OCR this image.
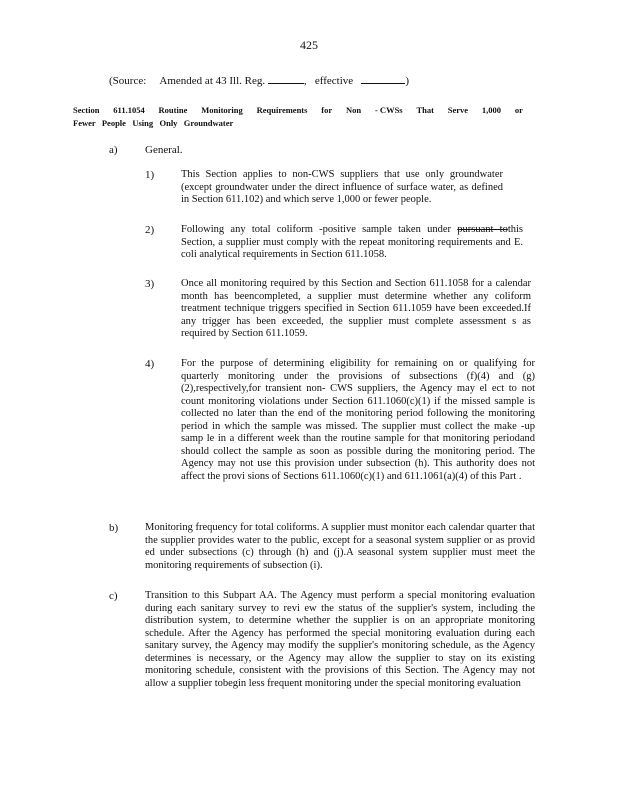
425
(Source: Amended at 43 Ill. Reg.	,   effective	)
Section 611.1054 Routine Monitoring Requirements for Non - CWSs That Serve 1,000 or
Fewer   People   Using   Only   Groundwater
a) General.
1)	This Section applies to non-CWS suppliers that use only groundwater (except groundwater under the direct influence of surface water, as defined in Section 611.102) and which serve 1,000 or fewer people.
2)	Following any total coliform -positive sample taken under pursuant tothis Section, a supplier must comply with the repeat monitoring requirements and E. coli analytical requirements in Section 611.1058.
3)	Once all monitoring required by this Section and Section 611.1058 for a calendar month has beencompleted, a supplier must determine whether any coliform treatment technique triggers specified in Section 611.1059 have been exceeded.If any trigger has been exceeded, the supplier must complete assessment s as required by Section 611.1059.
4)	For the purpose of determining eligibility for remaining on or qualifying for quarterly monitoring under the provisions of subsections (f)(4) and (g)(2),respectively,for transient non- CWS suppliers, the Agency may el ect to not count monitoring violations under Section 611.1060(c)(1) if the missed sample is collected no later than the end of the monitoring period following the monitoring period in which the sample was missed. The supplier must collect the make -up samp le in a different week than the routine sample for that monitoring periodand should collect the sample as soon as possible during the monitoring period. The Agency may not use this provision under subsection (h). This authority does not affect the provi sions of Sections 611.1060(c)(1) and 611.1061(a)(4) of this Part .
b)	Monitoring frequency for total coliforms. A supplier must monitor each calendar quarter that the supplier provides water to the public, except for a seasonal system supplier or as provid ed under subsections (c) through (h) and (j).A seasonal system supplier must meet the monitoring requirements of subsection (i).
c)	Transition to this Subpart AA. The Agency must perform a special monitoring evaluation during each sanitary survey to revi ew the status of the supplier's system, including the distribution system, to determine whether the supplier is on an appropriate monitoring schedule. After the Agency has performed the special monitoring evaluation during each sanitary survey, the Agency may modify the supplier's monitoring schedule, as the Agency determines is necessary, or the Agency may allow the supplier to stay on its existing monitoring schedule, consistent with the provisions of this Section. The Agency may not allow a supplier tobegin less frequent monitoring under the special monitoring evaluation
